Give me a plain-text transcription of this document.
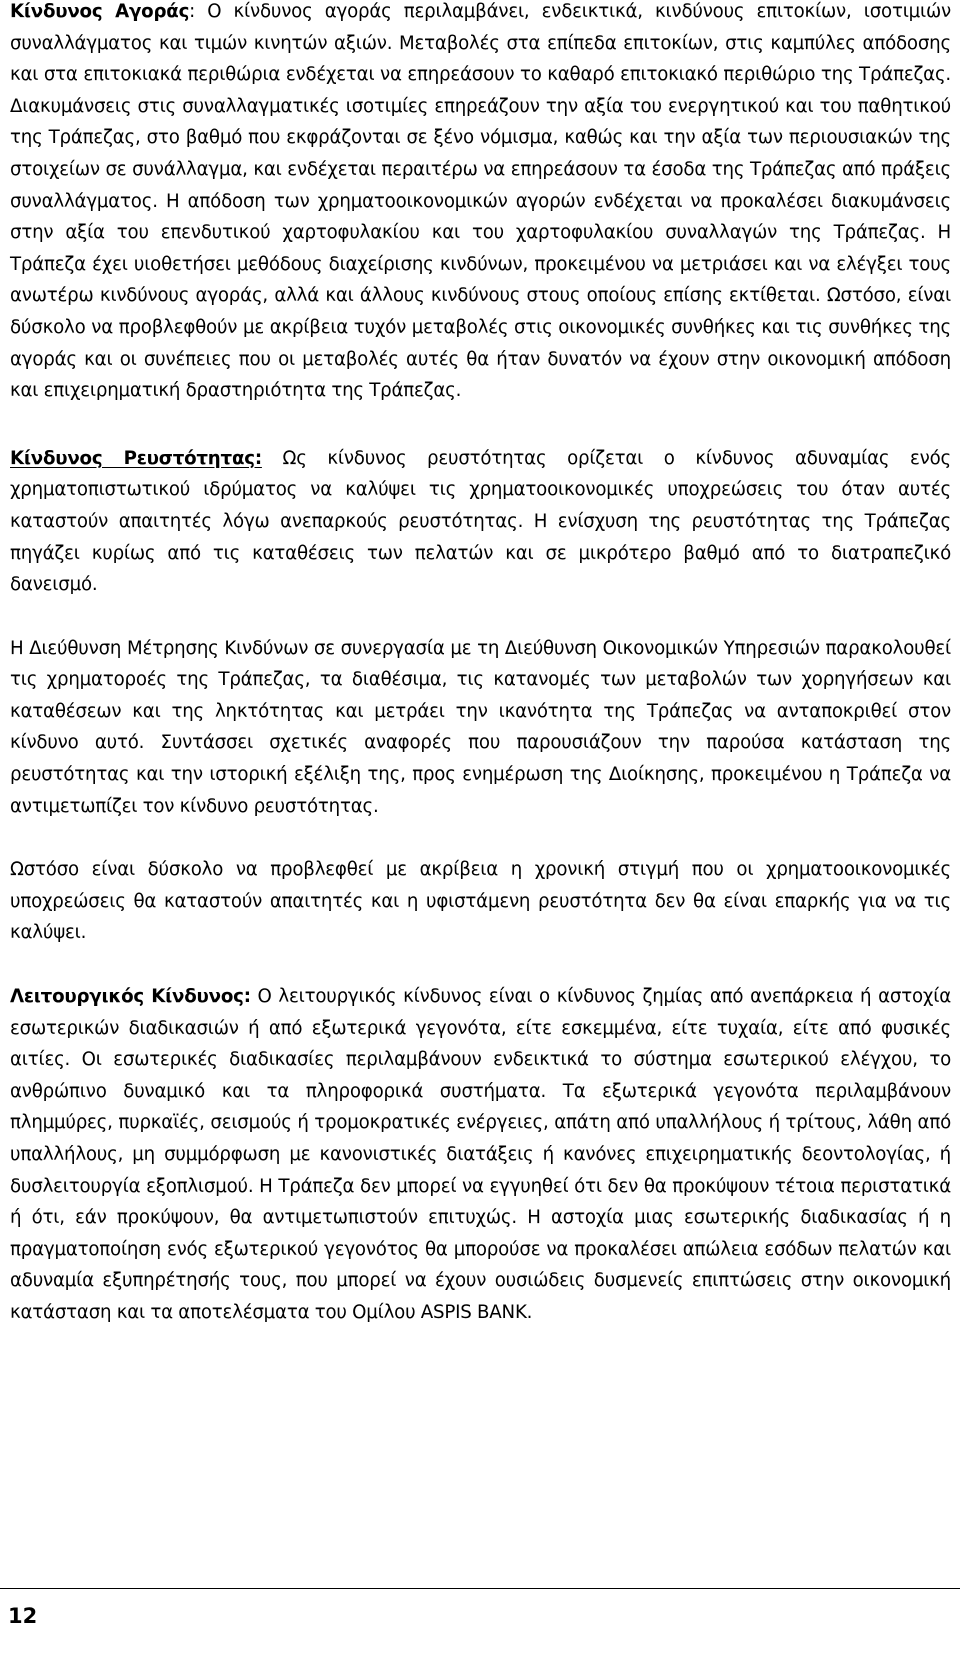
Κίνδυνος Αγοράς: Ο κίνδυνος αγοράς περιλαμβάνει, ενδεικτικά, κινδύνους επιτοκίων, ισοτιμιών συναλλάγματος και τιμών κινητών αξιών. Μεταβολές στα επίπεδα επιτοκίων, στις καμπύλες απόδοσης και στα επιτοκιακά περιθώρια ενδέχεται να επηρεάσουν το καθαρό επιτοκιακό περιθώριο της Τράπεζας. Διακυμάνσεις στις συναλλαγματικές ισοτιμίες επηρεάζουν την αξία του ενεργητικού και του παθητικού της Τράπεζας, στο βαθμό που εκφράζονται σε ξένο νόμισμα, καθώς και την αξία των περιουσιακών της στοιχείων σε συνάλλαγμα, και ενδέχεται περαιτέρω να επηρεάσουν τα έσοδα της Τράπεζας από πράξεις συναλλάγματος. Η απόδοση των χρηματοοικονομικών αγορών ενδέχεται να προκαλέσει διακυμάνσεις στην αξία του επενδυτικού χαρτοφυλακίου και του χαρτοφυλακίου συναλλαγών της Τράπεζας. Η Τράπεζα έχει υιοθετήσει μεθόδους διαχείρισης κινδύνων, προκειμένου να μετριάσει και να ελέγξει τους ανωτέρω κινδύνους αγοράς, αλλά και άλλους κινδύνους στους οποίους επίσης εκτίθεται. Ωστόσο, είναι δύσκολο να προβλεφθούν με ακρίβεια τυχόν μεταβολές στις οικονομικές συνθήκες και τις συνθήκες της αγοράς και οι συνέπειες που οι μεταβολές αυτές θα ήταν δυνατόν να έχουν στην οικονομική απόδοση και επιχειρηματική δραστηριότητα της Τράπεζας.

Κίνδυνος Ρευστότητας: Ως κίνδυνος ρευστότητας ορίζεται ο κίνδυνος αδυναμίας ενός χρηματοπιστωτικού ιδρύματος να καλύψει τις χρηματοοικονομικές υποχρεώσεις του όταν αυτές καταστούν απαιτητές λόγω ανεπαρκούς ρευστότητας. Η ενίσχυση της ρευστότητας της Τράπεζας πηγάζει κυρίως από τις καταθέσεις των πελατών και σε μικρότερο βαθμό από το διατραπεζικό δανεισμό.

Η Διεύθυνση Μέτρησης Κινδύνων σε συνεργασία με τη Διεύθυνση Οικονομικών Υπηρεσιών παρακολουθεί τις χρηματοροές της Τράπεζας, τα διαθέσιμα, τις κατανομές των μεταβολών των χορηγήσεων και καταθέσεων και της ληκτότητας και μετράει την ικανότητα της Τράπεζας να ανταποκριθεί στον κίνδυνο αυτό. Συντάσσει σχετικές αναφορές που παρουσιάζουν την παρούσα κατάσταση της ρευστότητας και την ιστορική εξέλιξη της, προς ενημέρωση της Διοίκησης, προκειμένου η Τράπεζα να αντιμετωπίζει τον κίνδυνο ρευστότητας.

Ωστόσο είναι δύσκολο να προβλεφθεί με ακρίβεια η χρονική στιγμή που οι χρηματοοικονομικές υποχρεώσεις θα καταστούν απαιτητές και η υφιστάμενη ρευστότητα δεν θα είναι επαρκής για να τις καλύψει.

Λειτουργικός Κίνδυνος: Ο λειτουργικός κίνδυνος είναι ο κίνδυνος ζημίας από ανεπάρκεια ή αστοχία εσωτερικών διαδικασιών ή από εξωτερικά γεγονότα, είτε εσκεμμένα, είτε τυχαία, είτε από φυσικές αιτίες. Οι εσωτερικές διαδικασίες περιλαμβάνουν ενδεικτικά το σύστημα εσωτερικού ελέγχου, το ανθρώπινο δυναμικό και τα πληροφορικά συστήματα. Τα εξωτερικά γεγονότα περιλαμβάνουν πλημμύρες, πυρκαϊές, σεισμούς ή τρομοκρατικές ενέργειες, απάτη από υπαλλήλους ή τρίτους, λάθη από υπαλλήλους, μη συμμόρφωση με κανονιστικές διατάξεις ή κανόνες επιχειρηματικής δεοντολογίας, ή δυσλειτουργία εξοπλισμού. Η Τράπεζα δεν μπορεί να εγγυηθεί ότι δεν θα προκύψουν τέτοια περιστατικά ή ότι, εάν προκύψουν, θα αντιμετωπιστούν επιτυχώς. Η αστοχία μιας εσωτερικής διαδικασίας ή η πραγματοποίηση ενός εξωτερικού γεγονότος θα μπορούσε να προκαλέσει απώλεια εσόδων πελατών και αδυναμία εξυπηρέτησής τους, που μπορεί να έχουν ουσιώδεις δυσμενείς επιπτώσεις στην οικονομική κατάσταση και τα αποτελέσματα του Ομίλου ASPIS BANK.

12
